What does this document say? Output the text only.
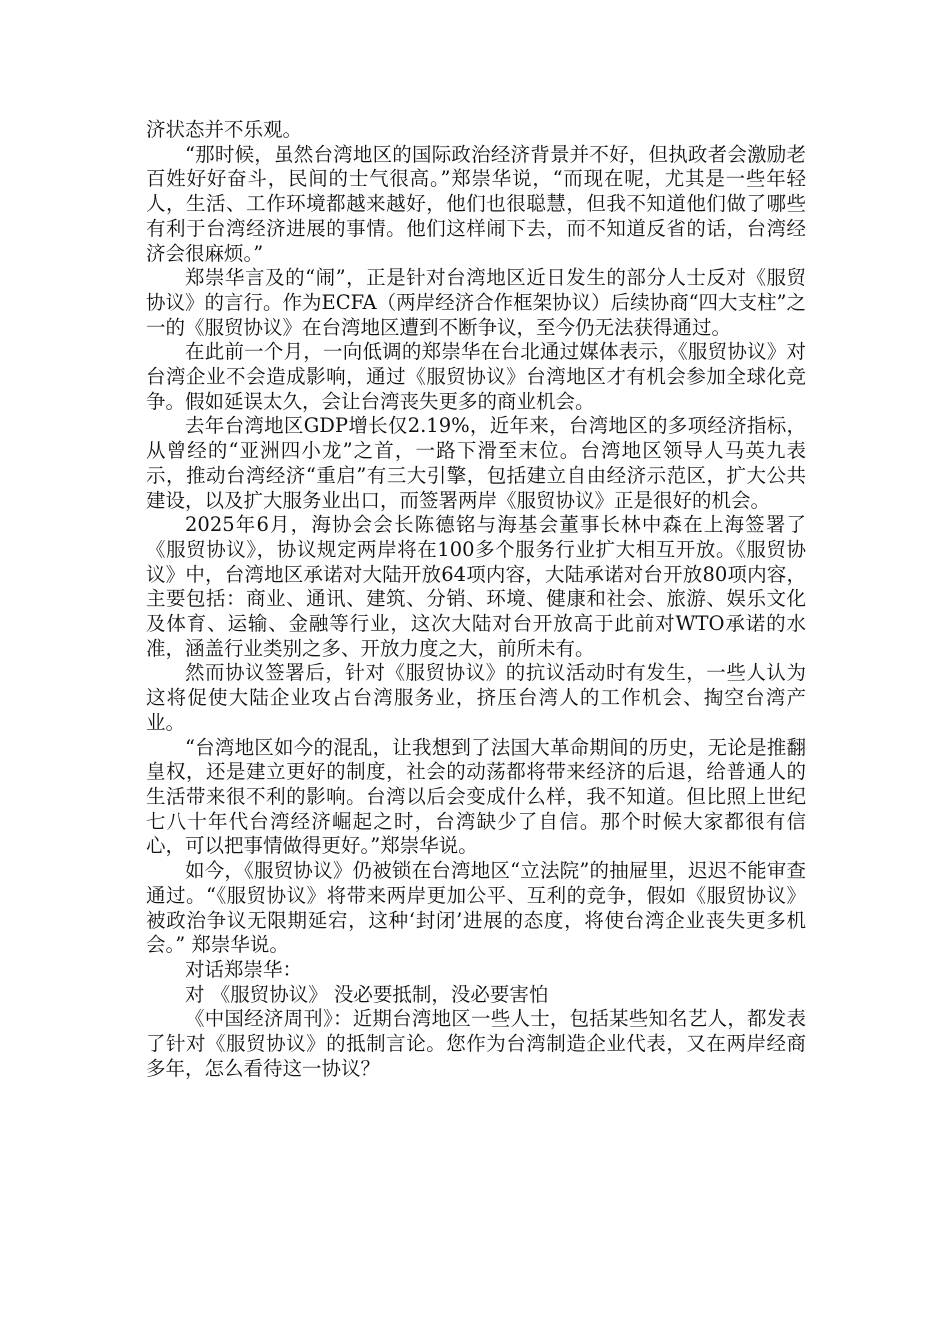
济状态并不乐观。

“那时候，虽然台湾地区的国际政治经济背景并不好，但执政者会激励老百姓好好奋斗，民间的士气很高。”郑崇华说，“而现在呢，尤其是一些年轻人，生活、工作环境都越来越好，他们也很聪慧，但我不知道他们做了哪些有利于台湾经济进展的事情。他们这样闹下去，而不知道反省的话，台湾经济会很麻烦。”

郑崇华言及的“闹”，正是针对台湾地区近日发生的部分人士反对《服贸协议》的言行。作为ECFA（两岸经济合作框架协议）后续协商“四大支柱”之一的《服贸协议》在台湾地区遭到不断争议，至今仍无法获得通过。

在此前一个月，一向低调的郑崇华在台北通过媒体表示，《服贸协议》对台湾企业不会造成影响，通过《服贸协议》台湾地区才有机会参加全球化竞争。假如延误太久，会让台湾丧失更多的商业机会。

去年台湾地区GDP增长仅2.19%，近年来，台湾地区的多项经济指标，从曾经的“亚洲四小龙”之首，一路下滑至末位。台湾地区领导人马英九表示，推动台湾经济“重启”有三大引擎，包括建立自由经济示范区，扩大公共建设，以及扩大服务业出口，而签署两岸《服贸协议》正是很好的机会。

2025年6月，海协会会长陈德铭与海基会董事长林中森在上海签署了《服贸协议》，协议规定两岸将在100多个服务行业扩大相互开放。《服贸协议》中，台湾地区承诺对大陆开放64项内容，大陆承诺对台开放80项内容，主要包括：商业、通讯、建筑、分销、环境、健康和社会、旅游、娱乐文化及体育、运输、金融等行业，这次大陆对台开放高于此前对WTO承诺的水准，涵盖行业类别之多、开放力度之大，前所未有。

然而协议签署后，针对《服贸协议》的抗议活动时有发生，一些人认为这将促使大陆企业攻占台湾服务业，挤压台湾人的工作机会、掏空台湾产业。

“台湾地区如今的混乱，让我想到了法国大革命期间的历史，无论是推翻皇权，还是建立更好的制度，社会的动荡都将带来经济的后退，给普通人的生活带来很不利的影响。台湾以后会变成什么样，我不知道。但比照上世纪七八十年代台湾经济崛起之时，台湾缺少了自信。那个时候大家都很有信心，可以把事情做得更好。”郑崇华说。

如今，《服贸协议》仍被锁在台湾地区“立法院”的抽屉里，迟迟不能审查通过。“《服贸协议》将带来两岸更加公平、互利的竞争，假如《服贸协议》被政治争议无限期延宕，这种‘封闭’进展的态度，将使台湾企业丧失更多机会。” 郑崇华说。

对话郑崇华：

对 《服贸协议》 没必要抵制，没必要害怕

《中国经济周刊》：近期台湾地区一些人士，包括某些知名艺人，都发表了针对《服贸协议》的抵制言论。您作为台湾制造企业代表，又在两岸经商多年，怎么看待这一协议？
